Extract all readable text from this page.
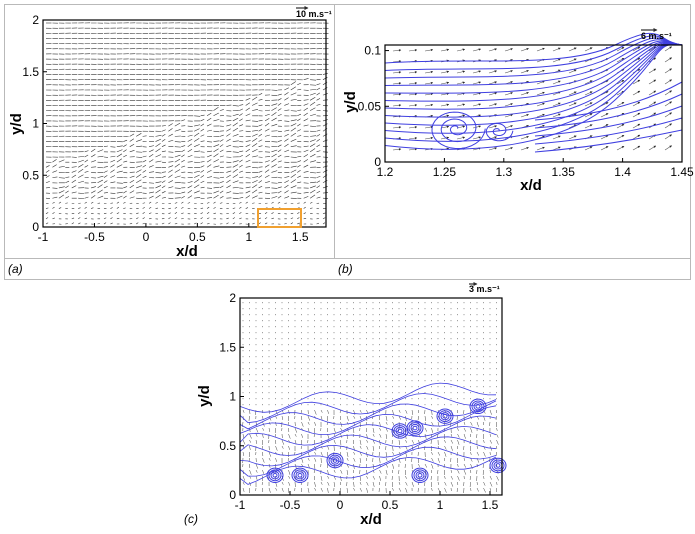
(a)	(b)
(c)
-1	-0.5	0	0.5	1	1.5
0
0.5
1
1.5
2
x/d
y/d
10 m.s⁻¹
1.2	1.25	1.3	1.35	1.4	1.45
0
0.05
0.1
x/d
y/d
6 m.s⁻¹
-1	-0.5	0	0.5	1	1.5
0
0.5
1
1.5
2
x/d
y/d
3 m.s⁻¹
